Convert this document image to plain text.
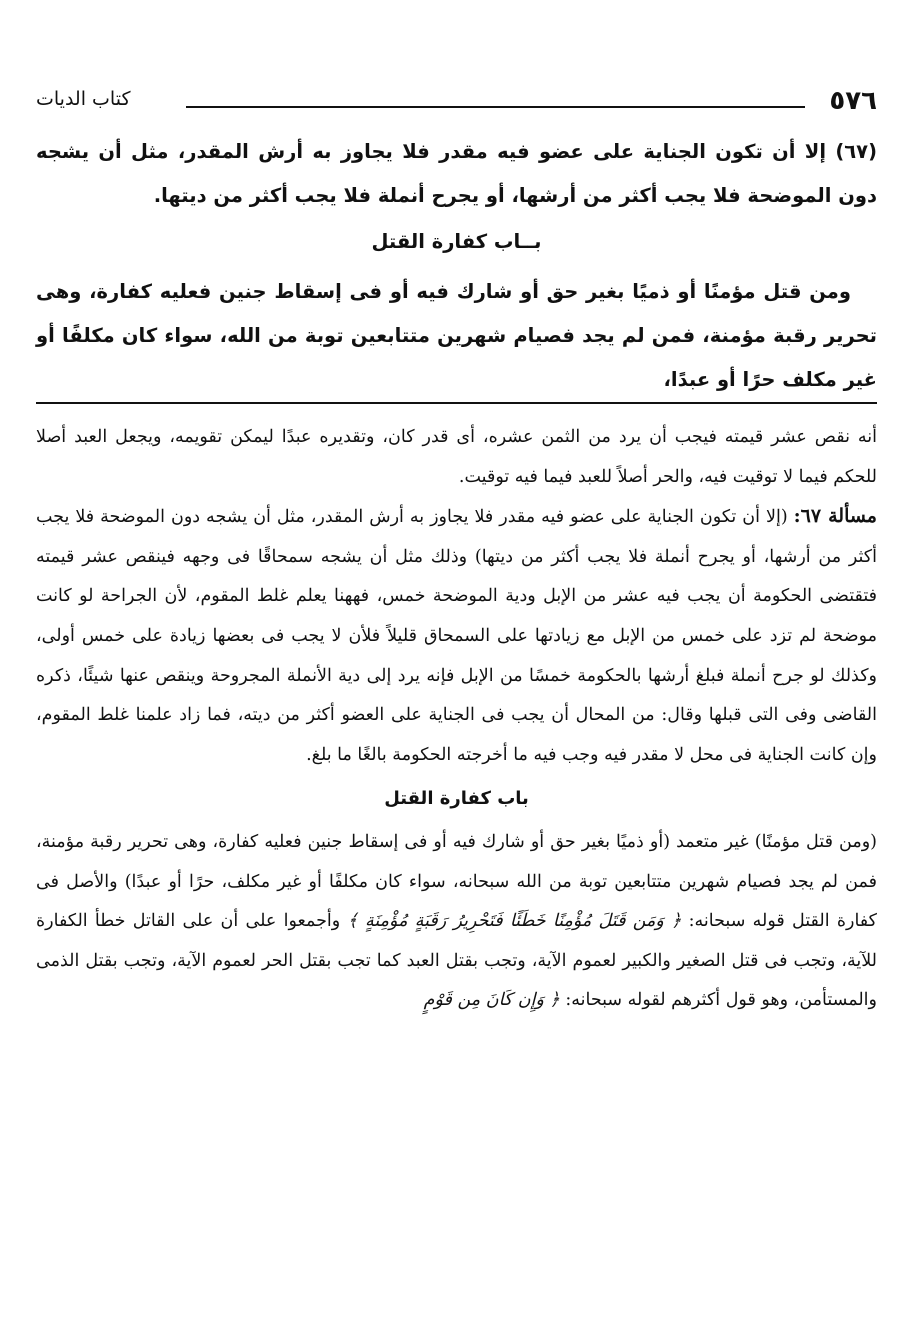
٥٧٦
كتاب الديات

(٦٧) إلا أن تكون الجناية على عضو فيه مقدر فلا يجاوز به أرش المقدر، مثل أن يشجه دون الموضحة فلا يجب أكثر من أرشها، أو يجرح أنملة فلا يجب أكثر من ديتها.

بــاب كفارة القتل

ومن قتل مؤمنًا أو ذميًا بغير حق أو شارك فيه أو فى إسقاط جنين فعليه كفارة، وهى تحرير رقبة مؤمنة، فمن لم يجد فصيام شهرين متتابعين توبة من الله، سواء كان مكلفًا أو غير مكلف حرًا أو عبدًا،

أنه نقص عشر قيمته فيجب أن يرد من الثمن عشره، أى قدر كان، وتقديره عبدًا ليمكن تقويمه، ويجعل العبد أصلا للحكم فيما لا توقيت فيه، والحر أصلاً للعبد فيما فيه توقيت.

مسألة ٦٧: (إلا أن تكون الجناية على عضو فيه مقدر فلا يجاوز به أرش المقدر، مثل أن يشجه دون الموضحة فلا يجب أكثر من أرشها، أو يجرح أنملة فلا يجب أكثر من ديتها) وذلك مثل أن يشجه سمحاقًا فى وجهه فينقص عشر قيمته فتقتضى الحكومة أن يجب فيه عشر من الإبل ودية الموضحة خمس، فههنا يعلم غلط المقوم، لأن الجراحة لو كانت موضحة لم تزد على خمس من الإبل مع زيادتها على السمحاق قليلاً فلأن لا يجب فى بعضها زيادة على خمس أولى، وكذلك لو جرح أنملة فبلغ أرشها بالحكومة خمسًا من الإبل فإنه يرد إلى دية الأنملة المجروحة وينقص عنها شيئًا، ذكره القاضى وفى التى قبلها وقال: من المحال أن يجب فى الجناية على العضو أكثر من ديته، فما زاد علمنا غلط المقوم، وإن كانت الجناية فى محل لا مقدر فيه وجب فيه ما أخرجته الحكومة بالغًا ما بلغ.

باب كفارة القتل

(ومن قتل مؤمنًا) غير متعمد (أو ذميًا بغير حق أو شارك فيه أو فى إسقاط جنين فعليه كفارة، وهى تحرير رقبة مؤمنة، فمن لم يجد فصيام شهرين متتابعين توبة من الله سبحانه، سواء كان مكلفًا أو غير مكلف، حرًا أو عبدًا) والأصل فى كفارة القتل قوله سبحانه: ﴿ وَمَن قَتَلَ مُؤْمِنًا خَطَئًا فَتَحْرِيرُ رَقَبَةٍ مُؤْمِنَةٍ ﴾ وأجمعوا على أن على القاتل خطأ الكفارة للآية، وتجب فى قتل الصغير والكبير لعموم الآية، وتجب بقتل العبد كما تجب بقتل الحر لعموم الآية، وتجب بقتل الذمى والمستأمن، وهو قول أكثرهم لقوله سبحانه: ﴿ وَإِن كَانَ مِن قَوْمٍ
